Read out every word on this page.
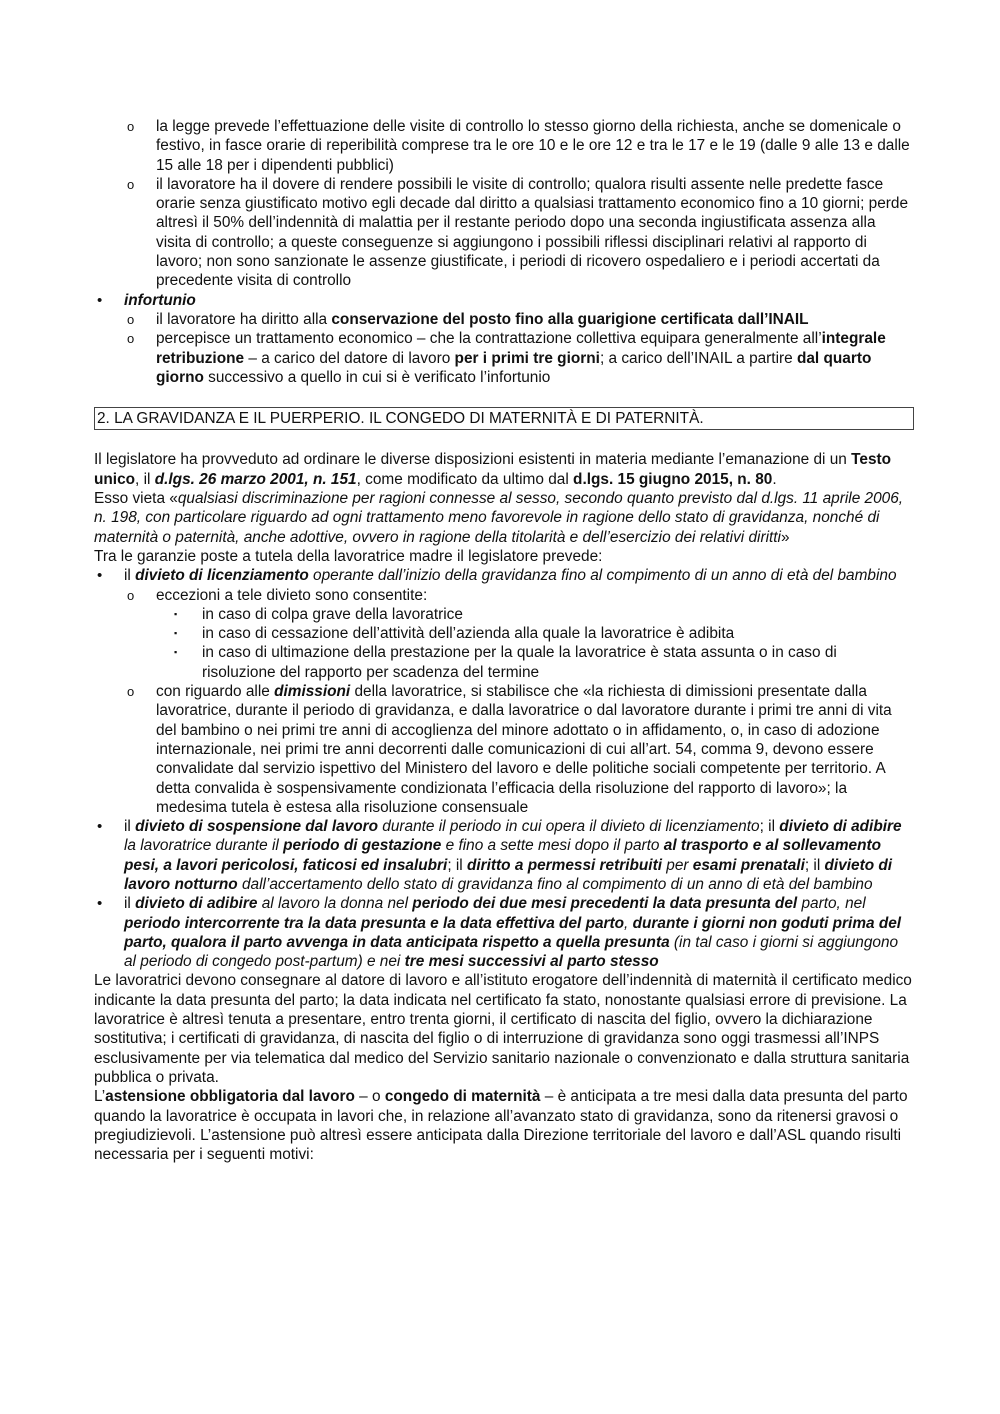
o la legge prevede l’effettuazione delle visite di controllo lo stesso giorno della richiesta, anche se domenicale o festivo, in fasce orarie di reperibilità comprese tra le ore 10 e le ore 12 e tra le 17 e le 19 (dalle 9 alle 13 e dalle 15 alle 18 per i dipendenti pubblici)
o il lavoratore ha il dovere di rendere possibili le visite di controllo; qualora risulti assente nelle predette fasce orarie senza giustificato motivo egli decade dal diritto a qualsiasi trattamento economico fino a 10 giorni; perde altresì il 50% dell’indennità di malattia per il restante periodo dopo una seconda ingiustificata assenza alla visita di controllo; a queste conseguenze si aggiungono i possibili riflessi disciplinari relativi al rapporto di lavoro; non sono sanzionate le assenze giustificate, i periodi di ricovero ospedaliero e i periodi accertati da precedente visita di controllo
• infortunio
o il lavoratore ha diritto alla conservazione del posto fino alla guarigione certificata dall’INAIL
o percepisce un trattamento economico – che la contrattazione collettiva equipara generalmente all’integrale retribuzione – a carico del datore di lavoro per i primi tre giorni; a carico dell’INAIL a partire dal quarto giorno successivo a quello in cui si è verificato l’infortunio
2. LA GRAVIDANZA E IL PUERPERIO. IL CONGEDO DI MATERNITÀ E DI PATERNITÀ.

Il legislatore ha provveduto ad ordinare le diverse disposizioni esistenti in materia mediante l’emanazione di un Testo unico, il d.lgs. 26 marzo 2001, n. 151, come modificato da ultimo dal d.lgs. 15 giugno 2015, n. 80.

Esso vieta «qualsiasi discriminazione per ragioni connesse al sesso, secondo quanto previsto dal d.lgs. 11 aprile 2006, n. 198, con particolare riguardo ad ogni trattamento meno favorevole in ragione dello stato di gravidanza, nonché di maternità o paternità, anche adottive, ovvero in ragione della titolarità e dell’esercizio dei relativi diritti»

Tra le garanzie poste a tutela della lavoratrice madre il legislatore prevede:

• il divieto di licenziamento operante dall’inizio della gravidanza fino al compimento di un anno di età del bambino
o eccezioni a tele divieto sono consentite:
▪ in caso di colpa grave della lavoratrice
▪ in caso di cessazione dell’attività dell’azienda alla quale la lavoratrice è adibita
▪ in caso di ultimazione della prestazione per la quale la lavoratrice è stata assunta o in caso di risoluzione del rapporto per scadenza del termine
o con riguardo alle dimissioni della lavoratrice, si stabilisce che «la richiesta di dimissioni presentate dalla lavoratrice, durante il periodo di gravidanza, e dalla lavoratrice o dal lavoratore durante i primi tre anni di vita del bambino o nei primi tre anni di accoglienza del minore adottato o in affidamento, o, in caso di adozione internazionale, nei primi tre anni decorrenti dalle comunicazioni di cui all’art. 54, comma 9, devono essere convalidate dal servizio ispettivo del Ministero del lavoro e delle politiche sociali competente per territorio. A detta convalida è sospensivamente condizionata l’efficacia della risoluzione del rapporto di lavoro»; la medesima tutela è estesa alla risoluzione consensuale
• il divieto di sospensione dal lavoro durante il periodo in cui opera il divieto di licenziamento; il divieto di adibire la lavoratrice durante il periodo di gestazione e fino a sette mesi dopo il parto al trasporto e al sollevamento pesi, a lavori pericolosi, faticosi ed insalubri; il diritto a permessi retribuiti per esami prenatali; il divieto di lavoro notturno dall’accertamento dello stato di gravidanza fino al compimento di un anno di età del bambino
• il divieto di adibire al lavoro la donna nel periodo dei due mesi precedenti la data presunta del parto, nel periodo intercorrente tra la data presunta e la data effettiva del parto, durante i giorni non goduti prima del parto, qualora il parto avvenga in data anticipata rispetto a quella presunta (in tal caso i giorni si aggiungono al periodo di congedo post-partum) e nei tre mesi successivi al parto stesso

Le lavoratrici devono consegnare al datore di lavoro e all’istituto erogatore dell’indennità di maternità il certificato medico indicante la data presunta del parto; la data indicata nel certificato fa stato, nonostante qualsiasi errore di previsione. La lavoratrice è altresì tenuta a presentare, entro trenta giorni, il certificato di nascita del figlio, ovvero la dichiarazione sostitutiva; i certificati di gravidanza, di nascita del figlio o di interruzione di gravidanza sono oggi trasmessi all’INPS esclusivamente per via telematica dal medico del Servizio sanitario nazionale o convenzionato e dalla struttura sanitaria pubblica o privata.

L’astensione obbligatoria dal lavoro – o congedo di maternità – è anticipata a tre mesi dalla data presunta del parto quando la lavoratrice è occupata in lavori che, in relazione all’avanzato stato di gravidanza, sono da ritenersi gravosi o pregiudizievoli. L’astensione può altresì essere anticipata dalla Direzione territoriale del lavoro e dall’ASL quando risulti necessaria per i seguenti motivi:
